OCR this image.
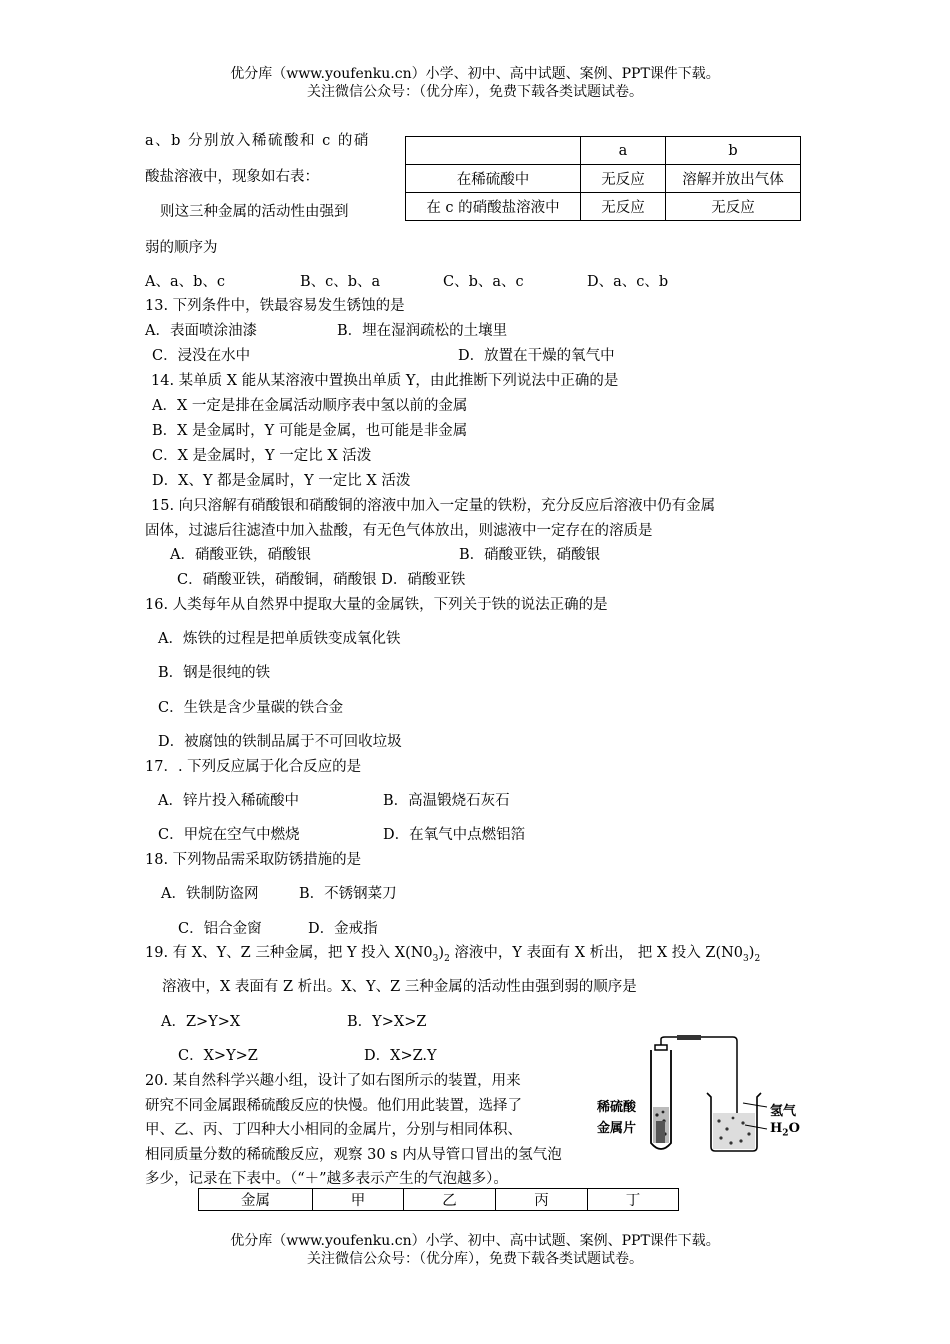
优分库（www.youfenku.cn）小学、初中、高中试题、案例、PPT课件下载。
关注微信公众号：（优分库），免费下载各类试题试卷。
a、b 分别放入稀硫酸和 c 的硝
酸盐溶液中，现象如右表：
则这三种金属的活动性由强到
弱的顺序为
	a	b
在稀硫酸中	无反应	溶解并放出气体
在 c 的硝酸盐溶液中	无反应	无反应
A、a、b、c	B、c、b、a	C、b、a、c	D、a、c、b
13. 下列条件中，铁最容易发生锈蚀的是
A．表面喷涂油漆	B．埋在湿润疏松的土壤里
C．浸没在水中	D．放置在干燥的氧气中
14. 某单质 X 能从某溶液中置换出单质 Y，由此推断下列说法中正确的是
A．X 一定是排在金属活动顺序表中氢以前的金属
B．X 是金属时，Y 可能是金属，也可能是非金属
C．X 是金属时，Y 一定比 X 活泼
D．X、Y 都是金属时，Y 一定比 X 活泼
15. 向只溶解有硝酸银和硝酸铜的溶液中加入一定量的铁粉，充分反应后溶液中仍有金属
固体，过滤后往滤渣中加入盐酸，有无色气体放出，则滤液中一定存在的溶质是
A．硝酸亚铁，硝酸银	B．硝酸亚铁，硝酸银
C．硝酸亚铁，硝酸铜，硝酸银 D．硝酸亚铁
16. 人类每年从自然界中提取大量的金属铁，下列关于铁的说法正确的是
A．炼铁的过程是把单质铁变成氧化铁
B．钢是很纯的铁
C．生铁是含少量碳的铁合金
D．被腐蚀的铁制品属于不可回收垃圾
17．. 下列反应属于化合反应的是
A．锌片投入稀硫酸中	B．高温锻烧石灰石
C．甲烷在空气中燃烧	D．在氧气中点燃铝箔
18. 下列物品需采取防锈措施的是
A．铁制防盗网	B．不锈钢菜刀
C．铝合金窗	D．金戒指
19. 有 X、Y、Z 三种金属，把 Y 投入 $X(N0_3)_2$ 溶液中，Y 表面有 X 析出， 把 X 投入 $Z(N0_3)_2$
溶液中，X 表面有 Z 析出。X、Y、Z 三种金属的活动性由强到弱的顺序是
A．Z>Y>X	B．Y>X>Z
C．X>Y>Z	D．X>Z.Y
20. 某自然科学兴趣小组，设计了如右图所示的装置，用来
研究不同金属跟稀硫酸反应的快慢。他们用此装置，选择了
甲、乙、丙、丁四种大小相同的金属片，分别与相同体积、
相同质量分数的稀硫酸反应，观察 30 s 内从导管口冒出的氢气泡
多少，记录在下表中。（“＋”越多表示产生的气泡越多）。
稀硫酸
金属片
氢气
$H_2O$
金属	甲	乙	丙	丁
优分库（www.youfenku.cn）小学、初中、高中试题、案例、PPT课件下载。
关注微信公众号：（优分库），免费下载各类试题试卷。
